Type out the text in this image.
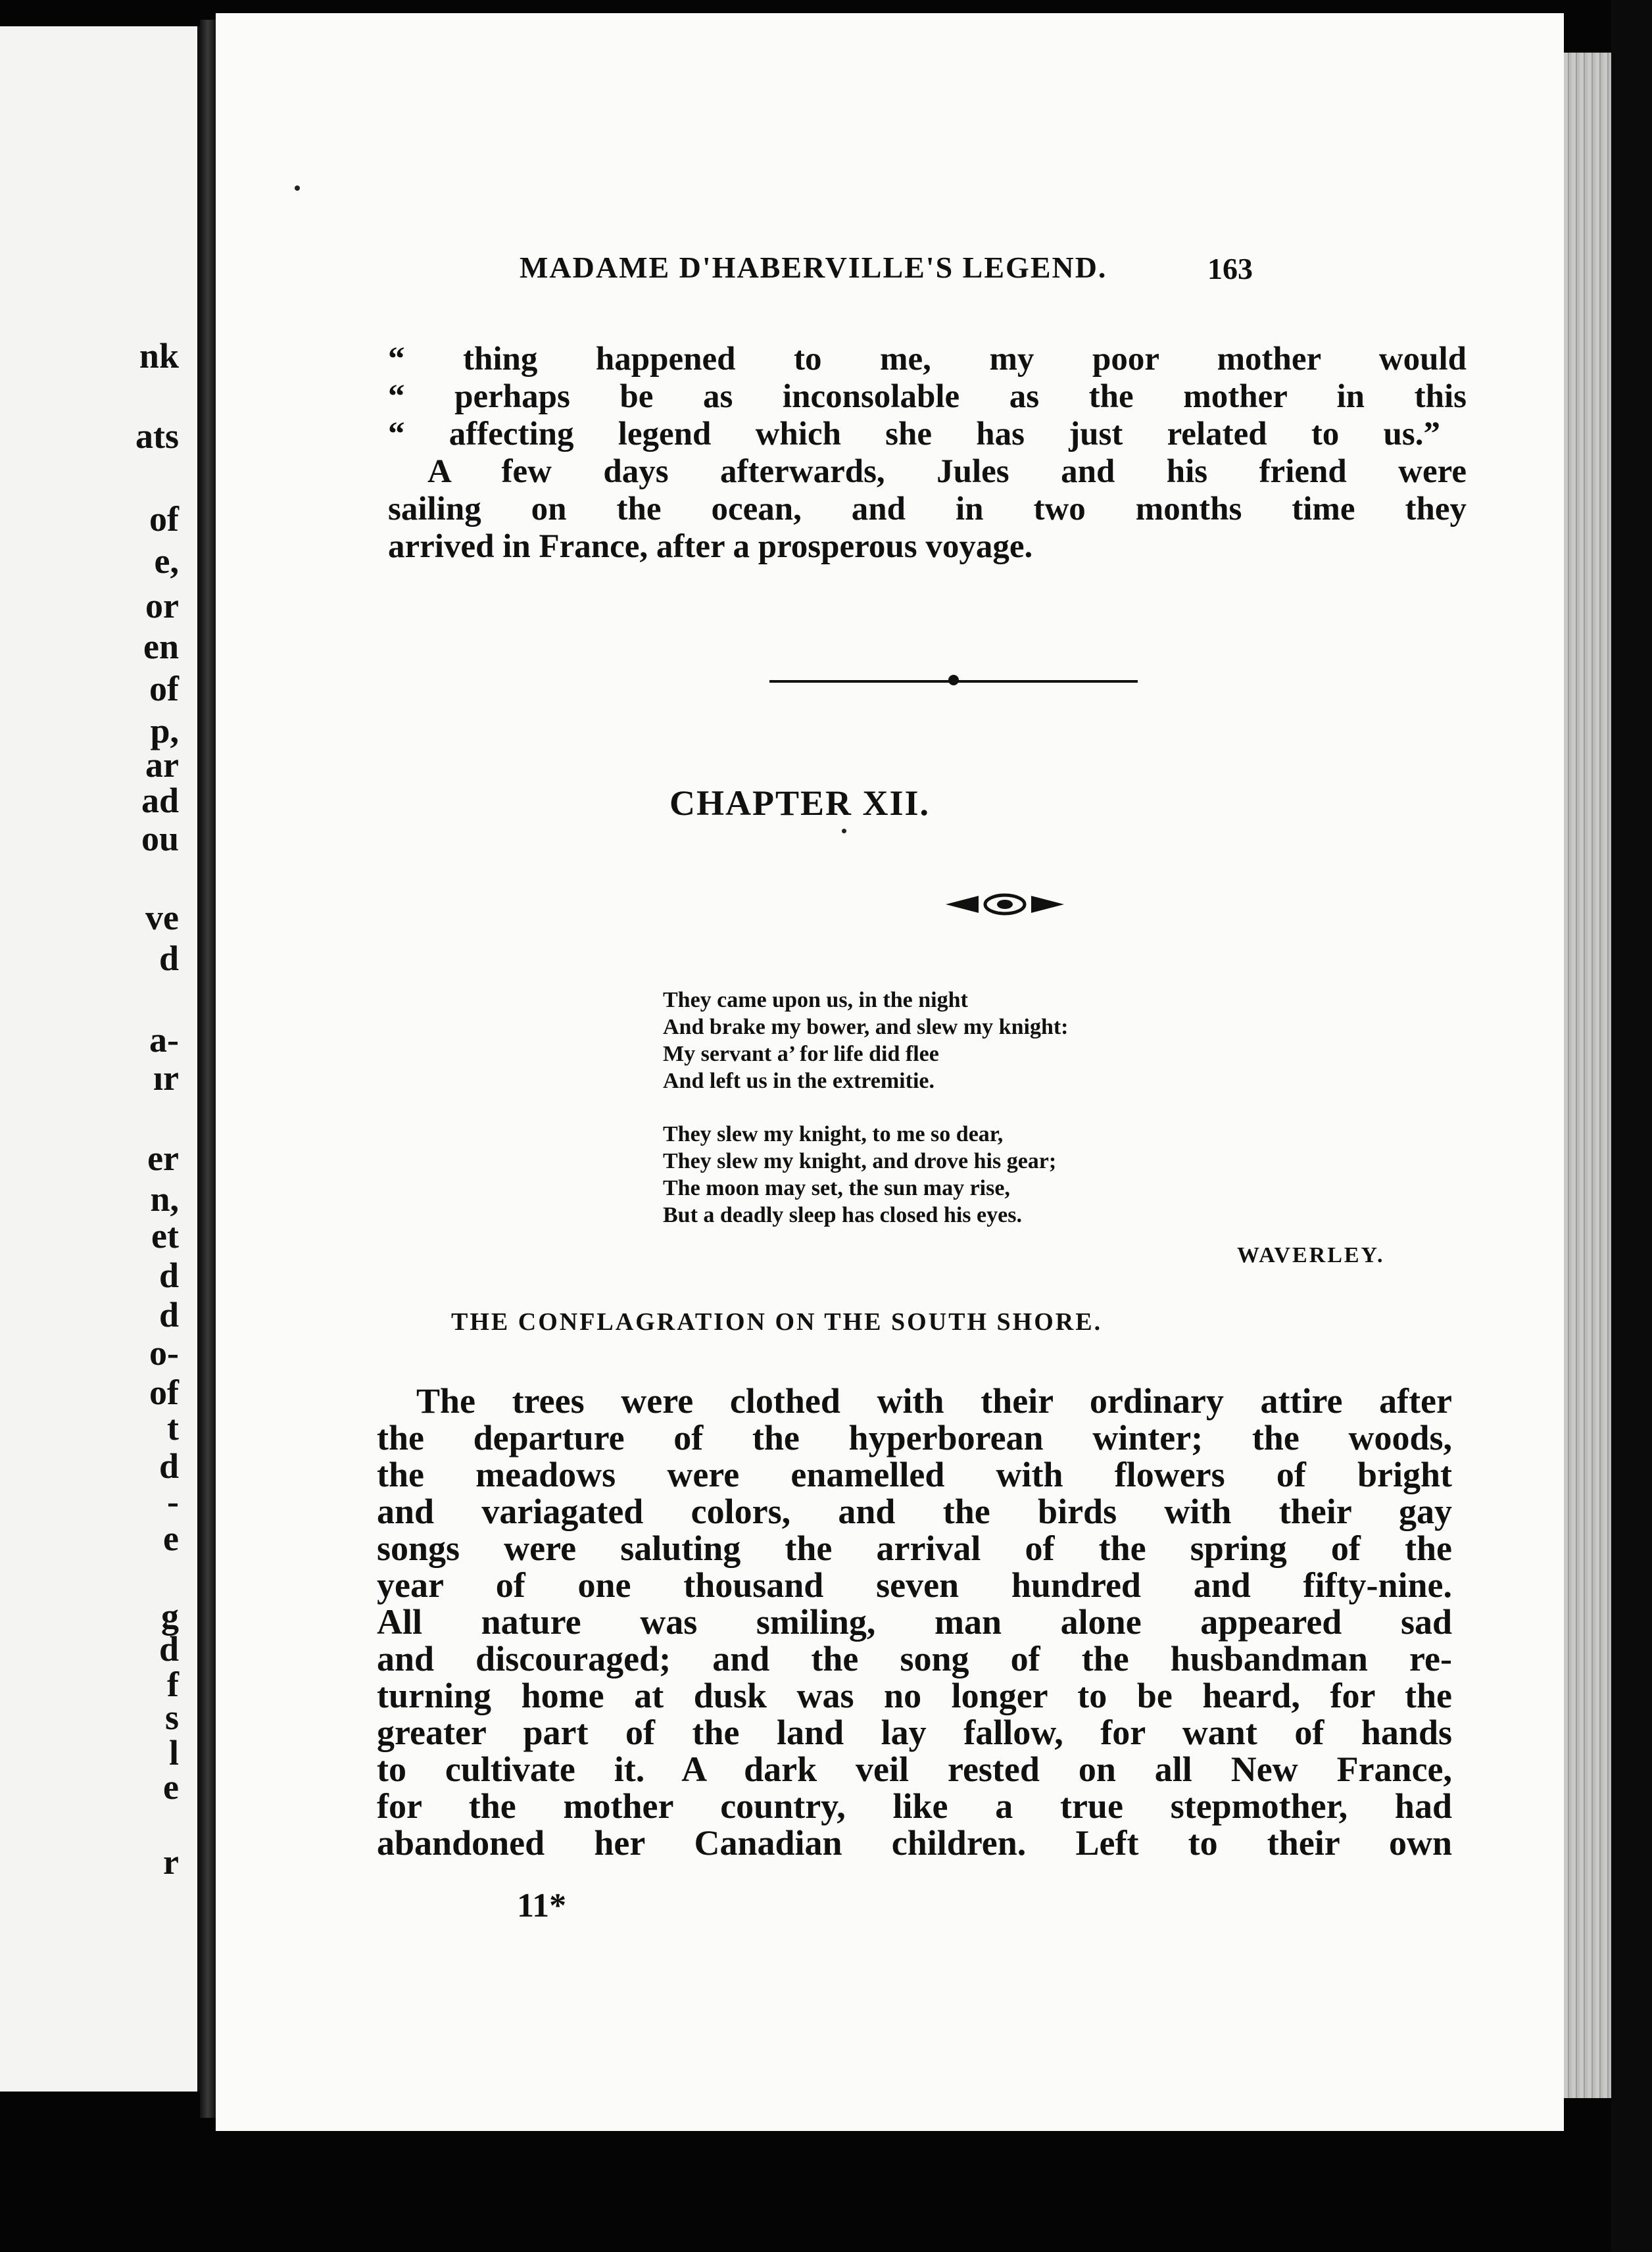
nk
ats
of
e,
or
en
of
p,
ar
ad
ou
ve
d
a-
ır
er
n,
et
d
d
o-
of
t
d
-
e
g
d
f
s
l
e
r
MADAME D'HABERVILLE'S LEGEND.	163
“ thing happened to me, my poor mother would
“ perhaps be as inconsolable as the mother in this
“ affecting legend which she has just related to us.”
A few days afterwards, Jules and his friend were
sailing on the ocean, and in two months time they
arrived in France, after a prosperous voyage.
CHAPTER XII.
They came upon us, in the night
And brake my bower, and slew my knight:
My servant a’ for life did flee
And left us in the extremitie.
They slew my knight, to me so dear,
They slew my knight, and drove his gear;
The moon may set, the sun may rise,
But a deadly sleep has closed his eyes.
WAVERLEY.
THE CONFLAGRATION ON THE SOUTH SHORE.
The trees were clothed with their ordinary attire after
the departure of the hyperborean winter; the woods,
the meadows were enamelled with flowers of bright
and variagated colors, and the birds with their gay
songs were saluting the arrival of the spring of the
year of one thousand seven hundred and fifty-nine.
All nature was smiling, man alone appeared sad
and discouraged; and the song of the husbandman re-
turning home at dusk was no longer to be heard, for the
greater part of the land lay fallow, for want of hands
to cultivate it. A dark veil rested on all New France,
for the mother country, like a true stepmother, had
abandoned her Canadian children. Left to their own
11*
